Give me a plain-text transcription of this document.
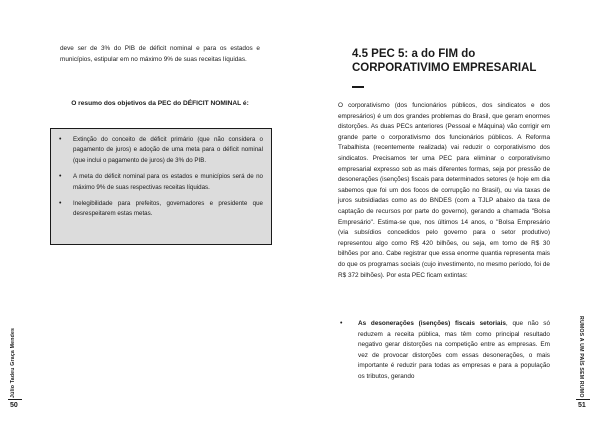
deve ser de 3% do PIB de déficit nominal e para os estados e municípios, estipular em no máximo 9% de suas receitas líquidas.

O resumo dos objetivos da PEC do DÉFICIT NOMINAL é:
• Extinção do conceito de déficit primário (que não considera o pagamento de juros) e adoção de uma meta para o déficit nominal (que inclui o pagamento de juros) de 3% do PIB.
• A meta do déficit nominal para os estados e municípios será de no máximo 9% de suas respectivas receitas líquidas.
• Inelegibilidade para prefeitos, governadores e presidente que desrespeitarem estas metas.
Júlio Tadeu Graça Mendes
50
4.5 PEC 5: a do FIM do CORPORATIVIMO EMPRESARIAL

O corporativismo (dos funcionários públicos, dos sindicatos e dos empresários) é um dos grandes problemas do Brasil, que geram enormes distorções. As duas PECs anteriores (Pessoal e Máquina) vão corrigir em grande parte o corporativismo dos funcionários públicos. A Reforma Trabalhista (recentemente realizada) vai reduzir o corporativismo dos sindicatos. Precisamos ter uma PEC para eliminar o corporativismo empresarial expresso sob as mais diferentes formas, seja por pressão de desonerações (isenções) fiscais para determinados setores (e hoje em dia sabemos que foi um dos focos de corrupção no Brasil), ou via taxas de juros subsidiadas como as do BNDES (com a TJLP abaixo da taxa de captação de recursos por parte do governo), gerando a chamada "Bolsa Empresário". Estima-se que, nos últimos 14 anos, o "Bolsa Empresário (via subsídios concedidos pelo governo para o setor produtivo) representou algo como R$ 420 bilhões, ou seja, em torno de R$ 30 bilhões por ano. Cabe registrar que essa enorme quantia representa mais do que os programas sociais (cujo investimento, no mesmo período, foi de R$ 372 bilhões). Por esta PEC ficam extintas:

• As desonerações (isenções) fiscais setoriais, que não só reduzem a receita pública, mas têm como principal resultado negativo gerar distorções na competição entre as empresas. Em vez de provocar distorções com essas desonerações, o mais importante é reduzir para todas as empresas e para a população os tributos, gerando	RUMOS A UM PAÍS SEM RUMO
51
